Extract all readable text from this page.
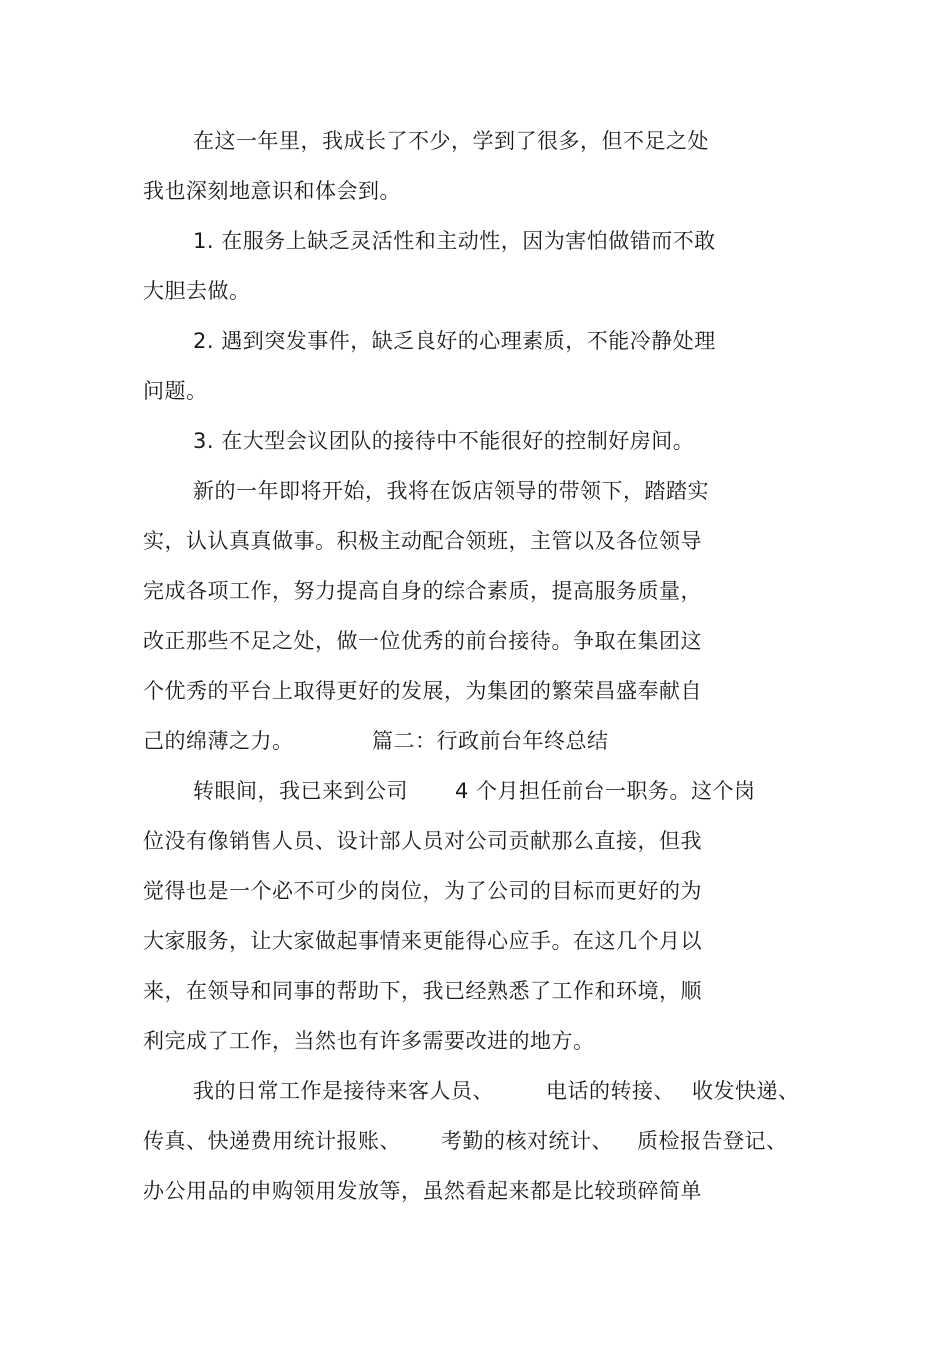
在这一年里，我成长了不少，学到了很多，但不足之处
我也深刻地意识和体会到。
1. 在服务上缺乏灵活性和主动性，因为害怕做错而不敢
大胆去做。
2. 遇到突发事件，缺乏良好的心理素质，不能冷静处理
问题。
3. 在大型会议团队的接待中不能很好的控制好房间。
新的一年即将开始，我将在饭店领导的带领下，踏踏实
实，认认真真做事。积极主动配合领班，主管以及各位领导
完成各项工作，努力提高自身的综合素质，提高服务质量，
改正那些不足之处，做一位优秀的前台接待。争取在集团这
个优秀的平台上取得更好的发展，为集团的繁荣昌盛奉献自
己的绵薄之力。	篇二：行政前台年终总结
转眼间，我已来到公司 4 个月担任前台一职务。这个岗
位没有像销售人员、设计部人员对公司贡献那么直接，但我
觉得也是一个必不可少的岗位，为了公司的目标而更好的为
大家服务，让大家做起事情来更能得心应手。在这几个月以
来，在领导和同事的帮助下，我已经熟悉了工作和环境，顺
利完成了工作，当然也有许多需要改进的地方。
我的日常工作是接待来客人员、 电话的转接、 收发快递、
传真、快递费用统计报账、 考勤的核对统计、 质检报告登记、
办公用品的申购领用发放等，虽然看起来都是比较琐碎简单
